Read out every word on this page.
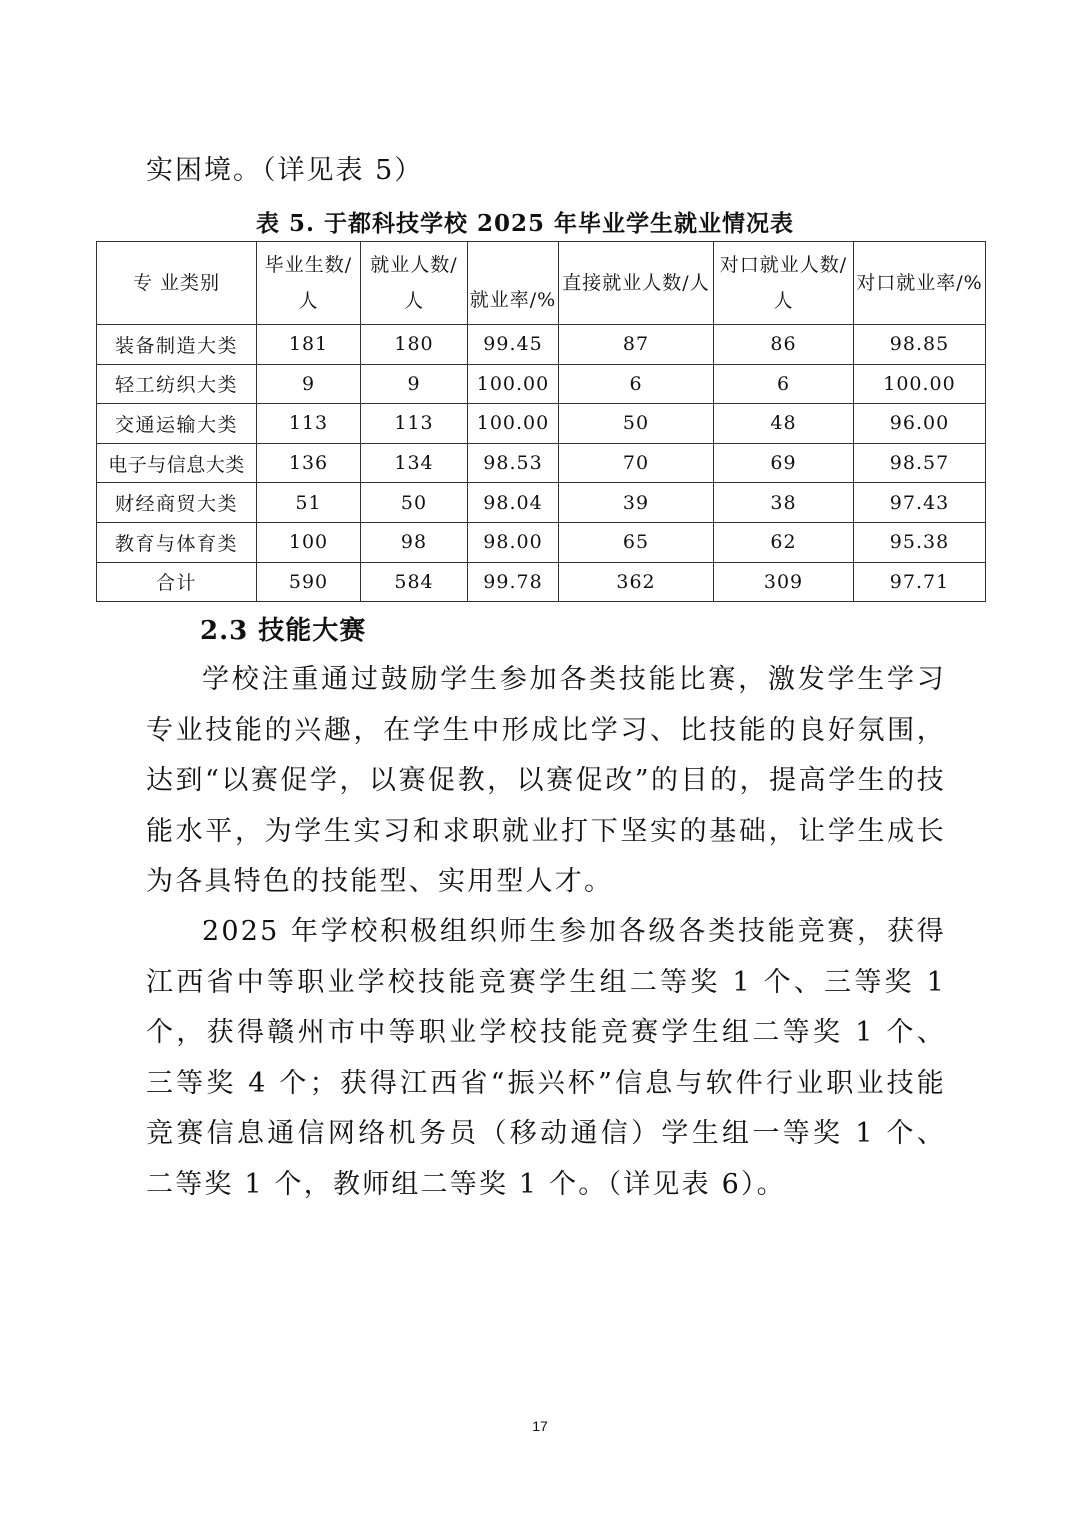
实困境。（详见表 5）
表 5. 于都科技学校 2025 年毕业学生就业情况表
专 业类别	毕业生数/人	就业人数/人	就业率/%	直接就业人数/人	对口就业人数/人	对口就业率/%
装备制造大类	181	180	99.45	87	86	98.85
轻工纺织大类	9	9	100.00	6	6	100.00
交通运输大类	113	113	100.00	50	48	96.00
电子与信息大类	136	134	98.53	70	69	98.57
财经商贸大类	51	50	98.04	39	38	97.43
教育与体育类	100	98	98.00	65	62	95.38
合计	590	584	99.78	362	309	97.71
2.3 技能大赛

学校注重通过鼓励学生参加各类技能比赛，激发学生学习专业技能的兴趣，在学生中形成比学习、比技能的良好氛围，达到“以赛促学，以赛促教，以赛促改”的目的，提高学生的技能水平，为学生实习和求职就业打下坚实的基础，让学生成长为各具特色的技能型、实用型人才。

2025 年学校积极组织师生参加各级各类技能竞赛，获得江西省中等职业学校技能竞赛学生组二等奖 1 个、三等奖 1 个，获得赣州市中等职业学校技能竞赛学生组二等奖 1 个、三等奖 4 个；获得江西省“振兴杯”信息与软件行业职业技能竞赛信息通信网络机务员（移动通信）学生组一等奖 1 个、二等奖 1 个，教师组二等奖 1 个。（详见表 6）。

17
